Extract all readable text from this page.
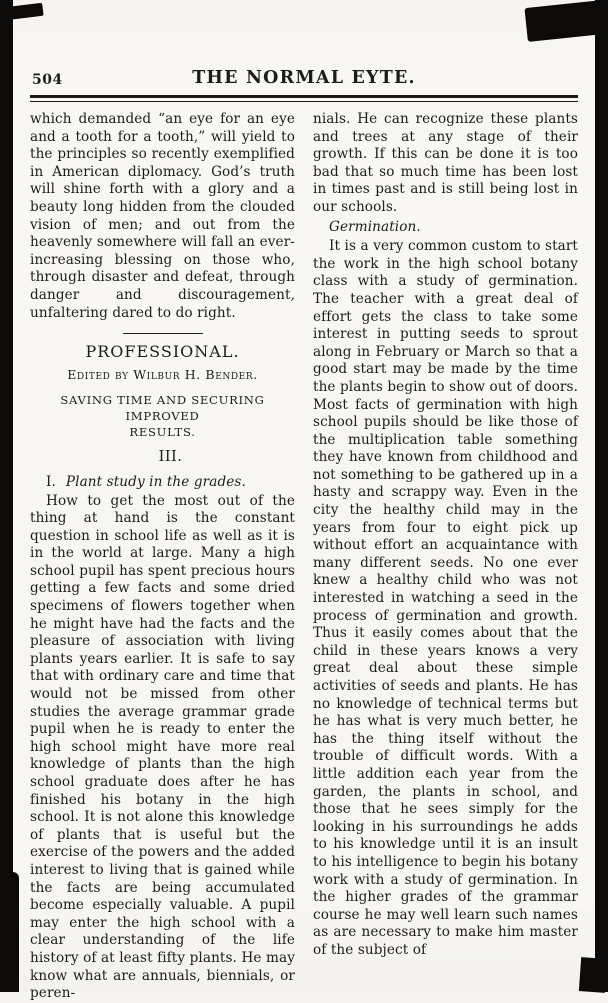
504	THE NORMAL EYTE.

which demanded “an eye for an eye and a tooth for a tooth,” will yield to the principles so recently exemplified in American diplomacy. God’s truth will shine forth with a glory and a beauty long hidden from the clouded vision of men; and out from the heavenly somewhere will fall an ever-increasing blessing on those who, through disaster and defeat, through danger and discouragement, unfaltering dared to do right.

PROFESSIONAL.

Edited by Wilbur H. Bender.
SAVING TIME AND SECURING IMPROVED
RESULTS.

III.

I. Plant study in the grades.

How to get the most out of the thing at hand is the constant question in school life as well as it is in the world at large. Many a high school pupil has spent precious hours getting a few facts and some dried specimens of flowers together when he might have had the facts and the pleasure of association with living plants years earlier. It is safe to say that with ordinary care and time that would not be missed from other studies the average grammar grade pupil when he is ready to enter the high school might have more real knowledge of plants than the high school graduate does after he has finished his botany in the high school. It is not alone this knowledge of plants that is useful but the exercise of the powers and the added interest to living that is gained while the facts are being accumulated become especially valuable. A pupil may enter the high school with a clear understanding of the life history of at least fifty plants. He may know what are annuals, biennials, or peren-

nials. He can recognize these plants and trees at any stage of their growth. If this can be done it is too bad that so much time has been lost in times past and is still being lost in our schools.

Germination.

It is a very common custom to start the work in the high school botany class with a study of germination. The teacher with a great deal of effort gets the class to take some interest in putting seeds to sprout along in February or March so that a good start may be made by the time the plants begin to show out of doors. Most facts of germination with high school pupils should be like those of the multiplication table something they have known from childhood and not something to be gathered up in a hasty and scrappy way. Even in the city the healthy child may in the years from four to eight pick up without effort an acquaintance with many different seeds. No one ever knew a healthy child who was not interested in watching a seed in the process of germination and growth. Thus it easily comes about that the child in these years knows a very great deal about these simple activities of seeds and plants. He has no knowledge of technical terms but he has what is very much better, he has the thing itself without the trouble of difficult words. With a little addition each year from the garden, the plants in school, and those that he sees simply for the looking in his surroundings he adds to his knowledge until it is an insult to his intelligence to begin his botany work with a study of germination. In the higher grades of the grammar course he may well learn such names as are necessary to make him master of the subject of
